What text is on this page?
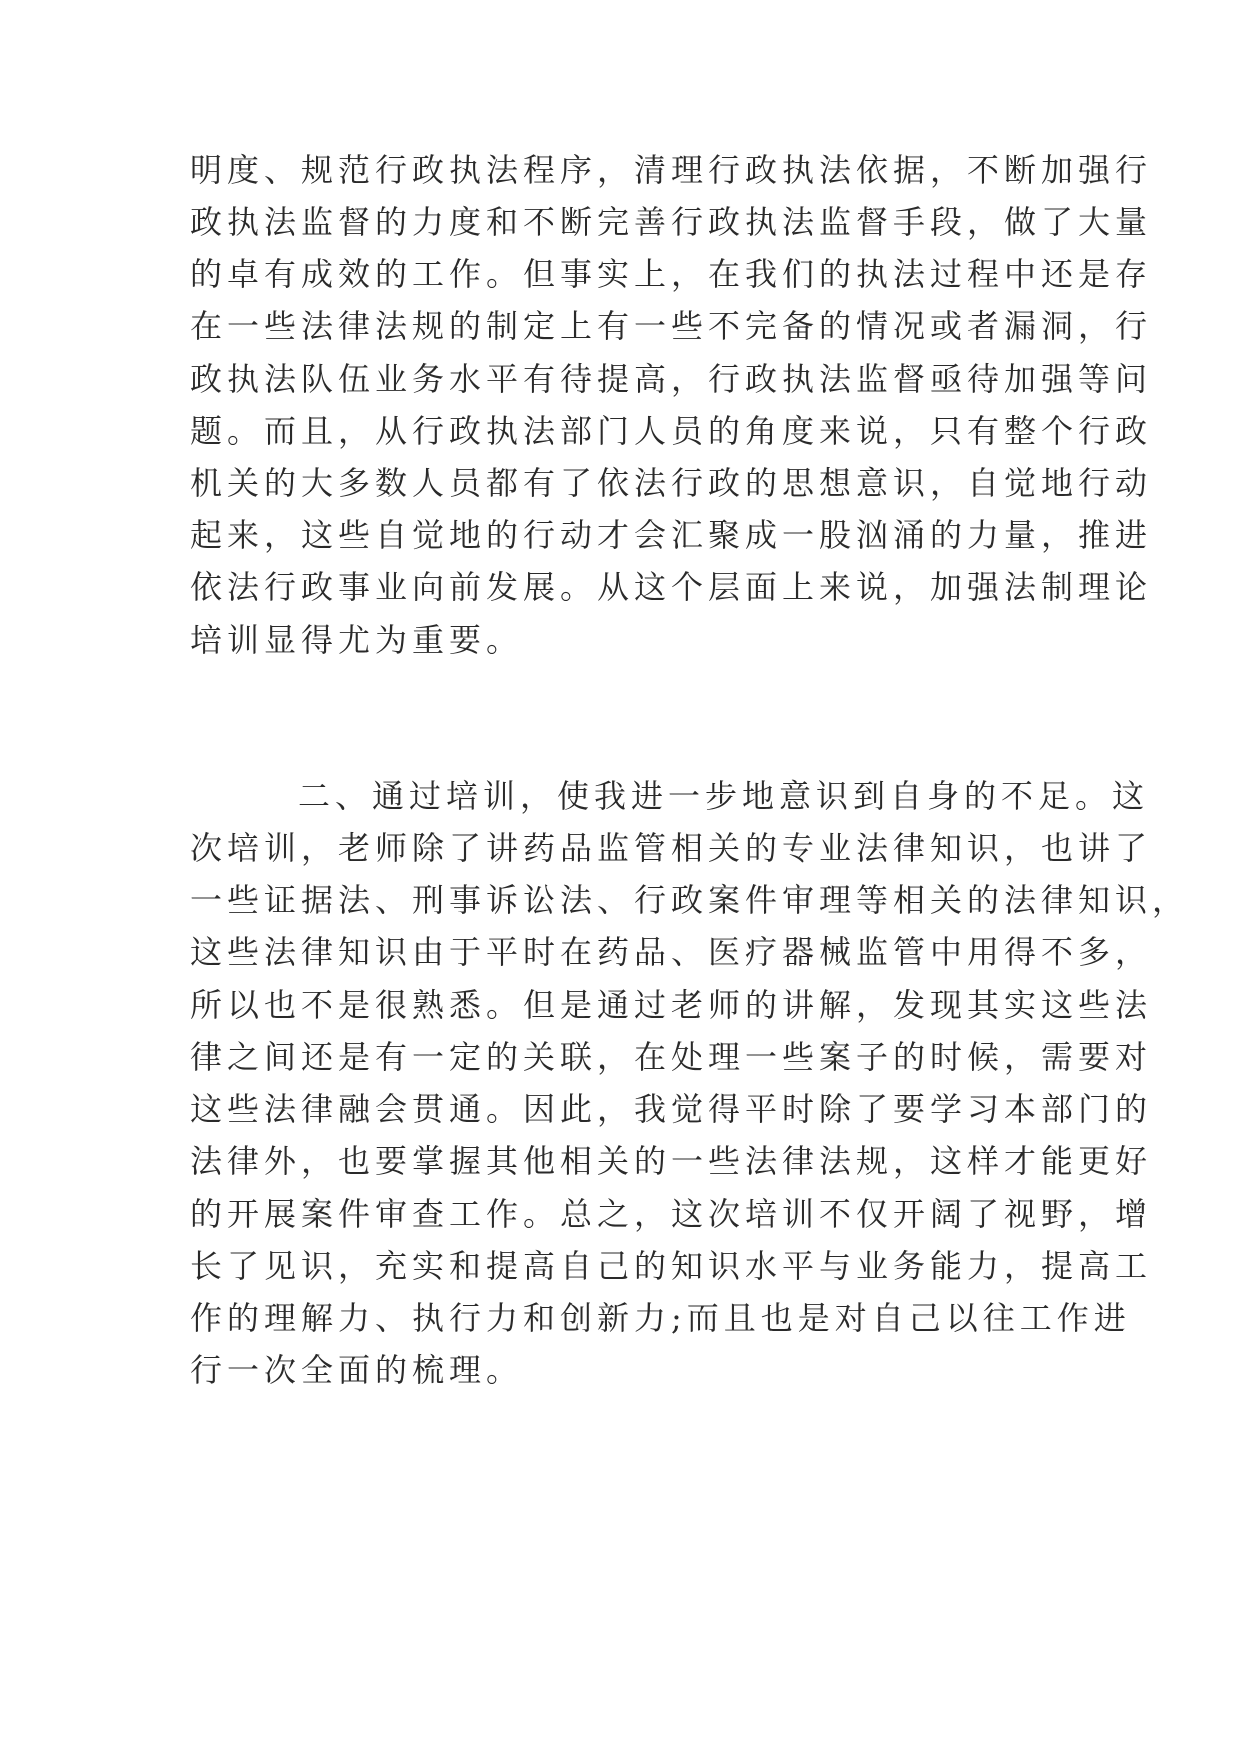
明度、规范行政执法程序，清理行政执法依据，不断加强行
政执法监督的力度和不断完善行政执法监督手段，做了大量
的卓有成效的工作。但事实上，在我们的执法过程中还是存
在一些法律法规的制定上有一些不完备的情况或者漏洞，行
政执法队伍业务水平有待提高，行政执法监督亟待加强等问
题。而且，从行政执法部门人员的角度来说，只有整个行政
机关的大多数人员都有了依法行政的思想意识，自觉地行动
起来，这些自觉地的行动才会汇聚成一股汹涌的力量，推进
依法行政事业向前发展。从这个层面上来说，加强法制理论
培训显得尤为重要。
二、通过培训，使我进一步地意识到自身的不足。这
次培训，老师除了讲药品监管相关的专业法律知识，也讲了
一些证据法、刑事诉讼法、行政案件审理等相关的法律知识，
这些法律知识由于平时在药品、医疗器械监管中用得不多，
所以也不是很熟悉。但是通过老师的讲解，发现其实这些法
律之间还是有一定的关联，在处理一些案子的时候，需要对
这些法律融会贯通。因此，我觉得平时除了要学习本部门的
法律外，也要掌握其他相关的一些法律法规，这样才能更好
的开展案件审查工作。总之，这次培训不仅开阔了视野，增
长了见识，充实和提高自己的知识水平与业务能力，提高工
作的理解力、执行力和创新力;而且也是对自己以往工作进
行一次全面的梳理。
